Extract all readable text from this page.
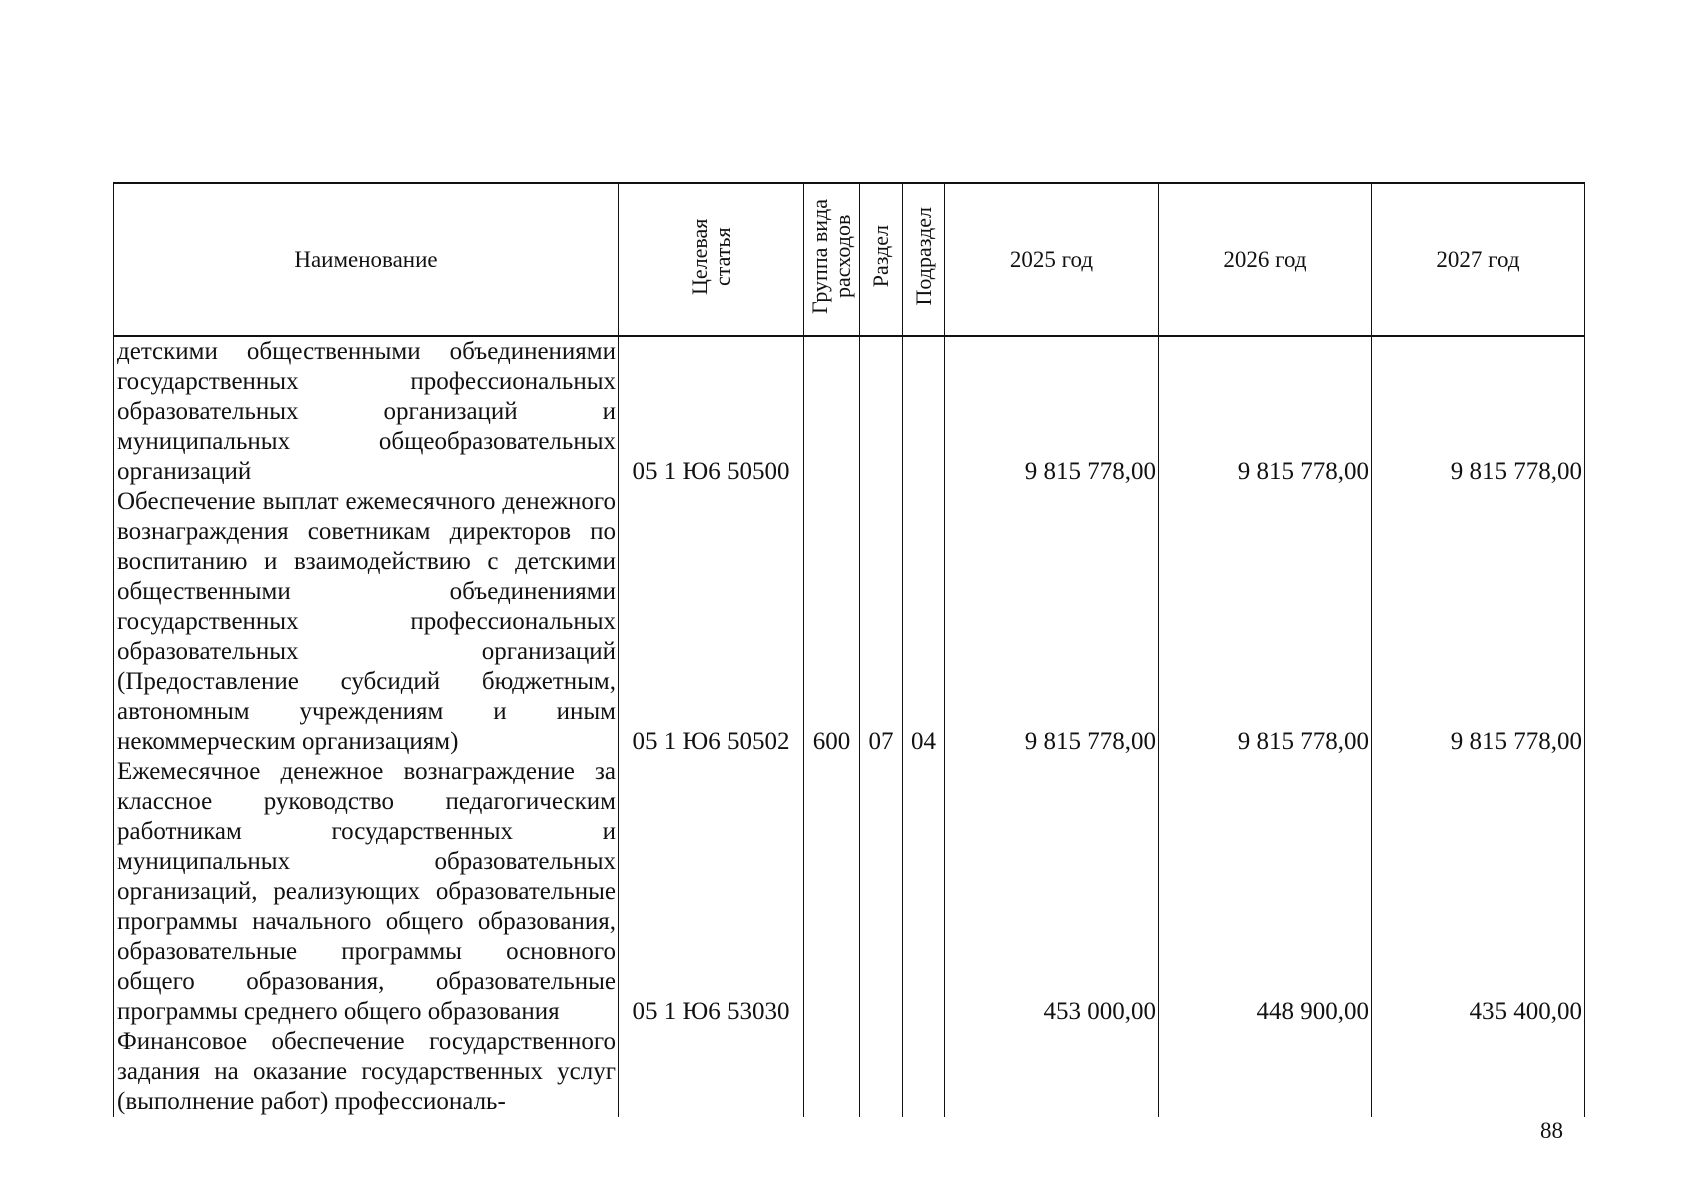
Наименование	Целевая статья	Группа вида расходов	Раздел	Подраздел	2025 год	2026 год	2027 год
детскими общественными объединениями государственных профессиональных образовательных организаций и муниципальных общеобразовательных организаций	05 1 Ю6 50500				9 815 778,00	9 815 778,00	9 815 778,00
Обеспечение выплат ежемесячного денежного вознаграждения советникам директоров по воспитанию и взаимодействию с детскими общественными объединениями государственных профессиональных образовательных организаций (Предоставление субсидий бюджетным, автономным учреждениям и иным некоммерческим организациям)	05 1 Ю6 50502	600	07	04	9 815 778,00	9 815 778,00	9 815 778,00
Ежемесячное денежное вознаграждение за классное руководство педагогическим работникам государственных и муниципальных образовательных организаций, реализующих образовательные программы начального общего образования, образовательные программы основного общего образования, образовательные программы среднего общего образования	05 1 Ю6 53030				453 000,00	448 900,00	435 400,00

Финансовое обеспечение государственного задания на оказание государственных услуг (выполнение работ) профессиональ-							

88
